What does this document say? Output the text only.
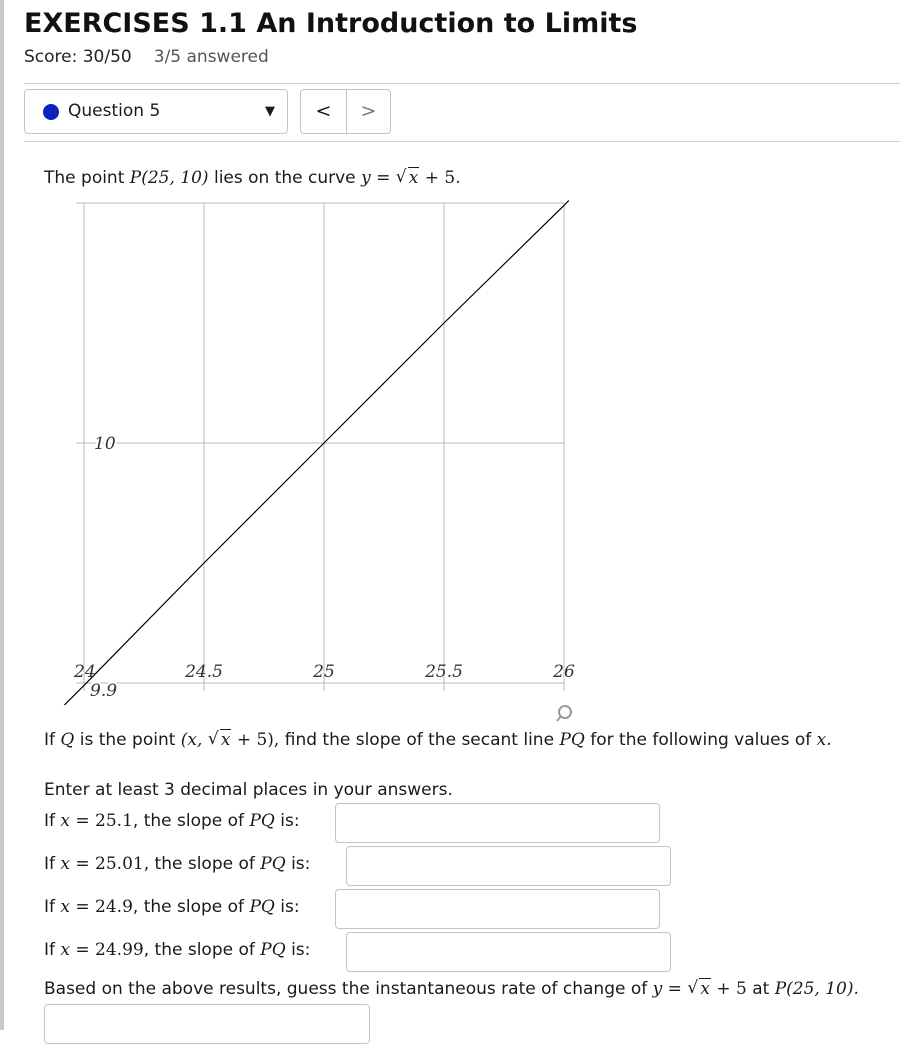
EXERCISES 1.1 An Introduction to Limits
Score: 30/50 3/5 answered
Question 5	▼	<	>
The point P(25, 10) lies on the curve y = √ x + 5.
24	24.5	25	25.5	26
9.9
10
If Q is the point (x, √ x + 5), find the slope of the secant line PQ for the following values of x.
Enter at least 3 decimal places in your answers.
If x = 25.1, the slope of PQ is:
If x = 25.01, the slope of PQ is:
If x = 24.9, the slope of PQ is:
If x = 24.99, the slope of PQ is:
Based on the above results, guess the instantaneous rate of change of y = √ x + 5 at P(25, 10).
